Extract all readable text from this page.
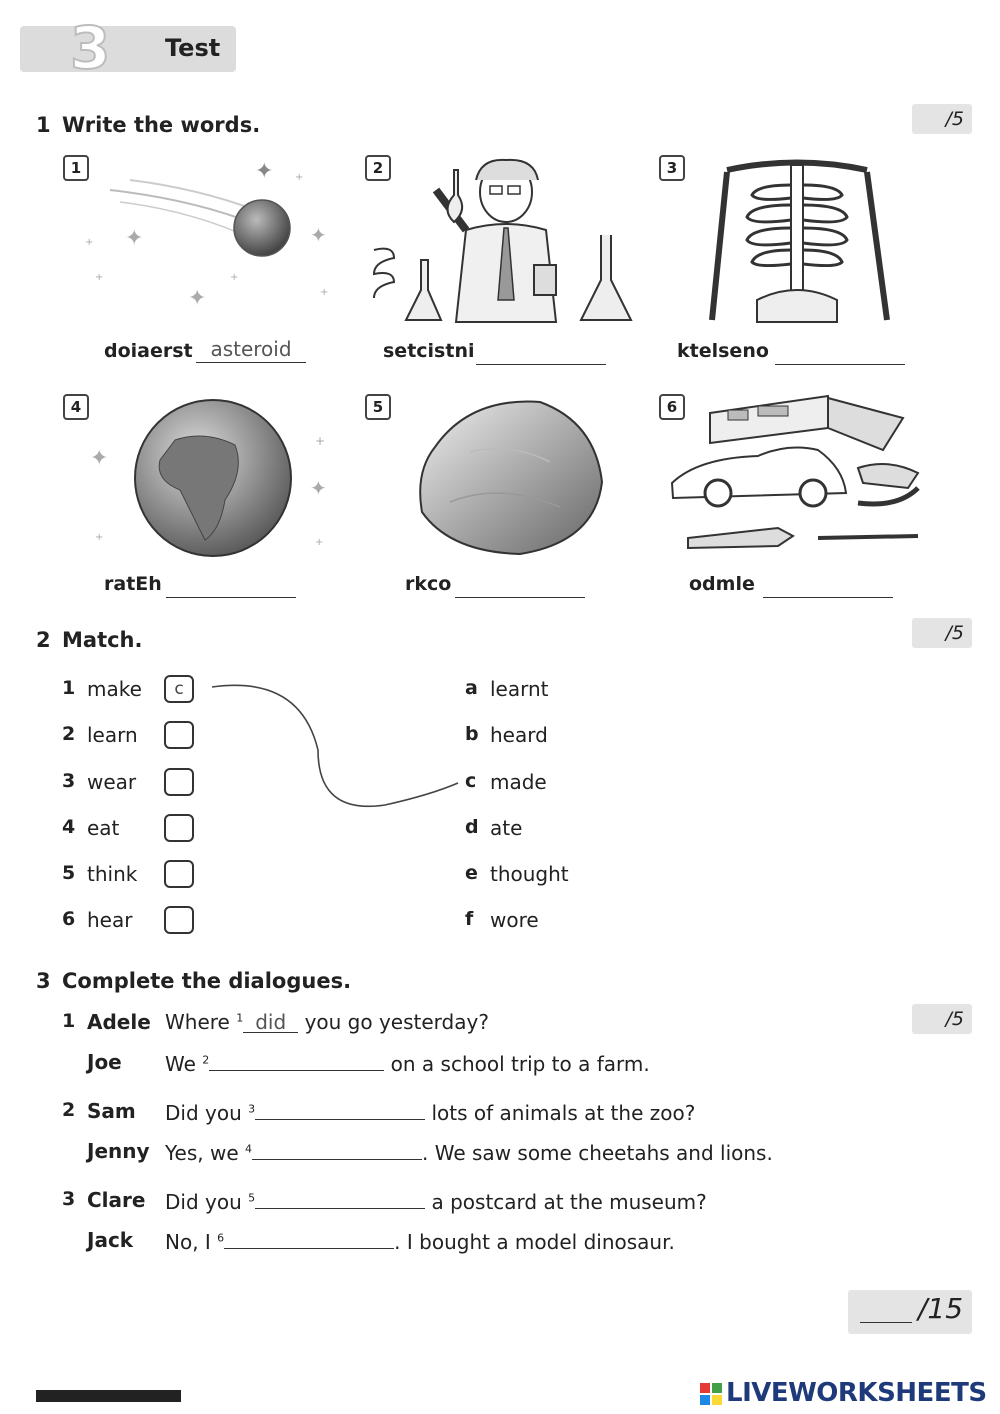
3 Test
1 Write the words.	/5
1	✦
✦	✦
✦
+
+	+
+
+
doiaerst asteroid
2
setcistni
3
ktelseno
4
✦
✦
+
+	+
ratEh
5
rkco
6
odmle
2 Match.	/5
1 make	c
2 learn
3 wear
4 eat
5 think
6 hear
a learnt
b heard
c made
d ate
e thought
f wore
3 Complete the dialogues.
/5
1 Adele Where $^1$ did you go yesterday?
Joe We $^2$	on a school trip to a farm.
2 Sam Did you $^3$	lots of animals at the zoo?
Jenny Yes, we $^4$	. We saw some cheetahs and lions.
3 Clare Did you $^5$	a postcard at the museum?
Jack No, I $^6$	. I bought a model dinosaur.
/15
LIVEWORKSHEETS
